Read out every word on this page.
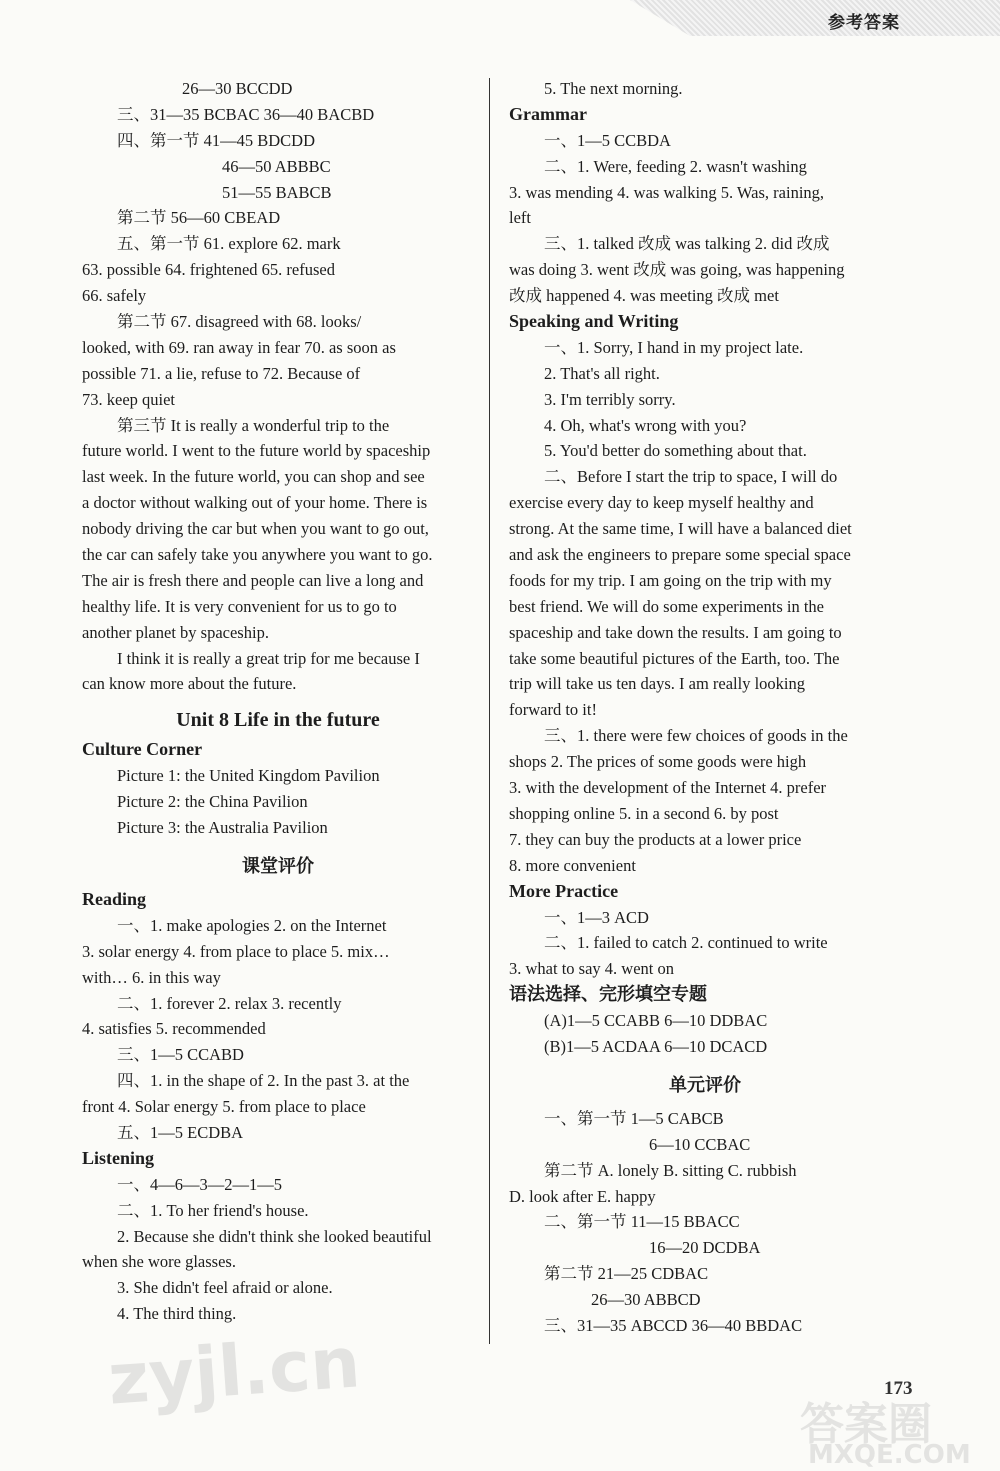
参考答案
26—30 BCCDD
三、31—35 BCBAC 36—40 BACBD
四、第一节 41—45 BDCDD
46—50 ABBBC
51—55 BABCB
第二节 56—60 CBEAD
五、第一节 61. explore 62. mark
63. possible 64. frightened 65. refused
66. safely
第二节 67. disagreed with 68. looks/
looked, with 69. ran away in fear 70. as soon as
possible 71. a lie, refuse to 72. Because of
73. keep quiet
第三节 It is really a wonderful trip to the
future world. I went to the future world by spaceship
last week. In the future world, you can shop and see
a doctor without walking out of your home. There is
nobody driving the car but when you want to go out,
the car can safely take you anywhere you want to go.
The air is fresh there and people can live a long and
healthy life. It is very convenient for us to go to
another planet by spaceship.
I think it is really a great trip for me because I
can know more about the future.
Unit 8 Life in the future
Culture Corner
Picture 1: the United Kingdom Pavilion
Picture 2: the China Pavilion
Picture 3: the Australia Pavilion
课堂评价
Reading
一、1. make apologies 2. on the Internet
3. solar energy 4. from place to place 5. mix…
with… 6. in this way
二、1. forever 2. relax 3. recently
4. satisfies 5. recommended
三、1—5 CCABD
四、1. in the shape of 2. In the past 3. at the
front 4. Solar energy 5. from place to place
五、1—5 ECDBA
Listening
一、4—6—3—2—1—5
二、1. To her friend's house.
2. Because she didn't think she looked beautiful
when she wore glasses.
3. She didn't feel afraid or alone.
4. The third thing.
5. The next morning.
Grammar
一、1—5 CCBDA
二、1. Were, feeding 2. wasn't washing
3. was mending 4. was walking 5. Was, raining,
left
三、1. talked 改成 was talking 2. did 改成
was doing 3. went 改成 was going, was happening
改成 happened 4. was meeting 改成 met
Speaking and Writing
一、1. Sorry, I hand in my project late.
2. That's all right.
3. I'm terribly sorry.
4. Oh, what's wrong with you?
5. You'd better do something about that.
二、Before I start the trip to space, I will do
exercise every day to keep myself healthy and
strong. At the same time, I will have a balanced diet
and ask the engineers to prepare some special space
foods for my trip. I am going on the trip with my
best friend. We will do some experiments in the
spaceship and take down the results. I am going to
take some beautiful pictures of the Earth, too. The
trip will take us ten days. I am really looking
forward to it!
三、1. there were few choices of goods in the
shops 2. The prices of some goods were high
3. with the development of the Internet 4. prefer
shopping online 5. in a second 6. by post
7. they can buy the products at a lower price
8. more convenient
More Practice
一、1—3 ACD
二、1. failed to catch 2. continued to write
3. what to say 4. went on
语法选择、完形填空专题
(A)1—5 CCABB 6—10 DDBAC
(B)1—5 ACDAA 6—10 DCACD
单元评价
一、第一节 1—5 CABCB
6—10 CCBAC
第二节 A. lonely B. sitting C. rubbish
D. look after E. happy
二、第一节 11—15 BBACC
16—20 DCDBA
第二节 21—25 CDBAC
26—30 ABBCD
三、31—35 ABCCD 36—40 BBDAC
173
zyjl.cn
答案圈
MXQE.COM
